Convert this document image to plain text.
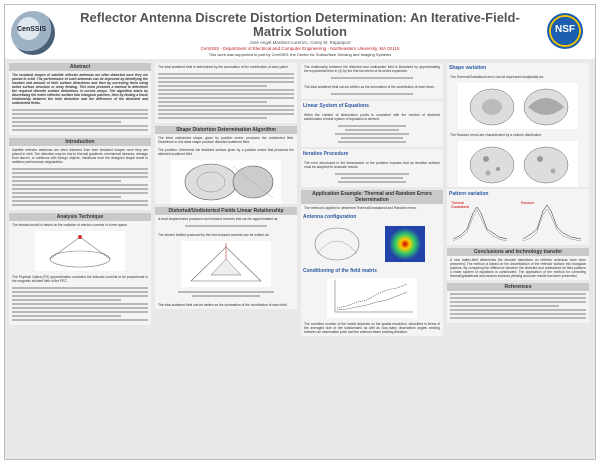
CenSSIS
Reflector Antenna Discrete Distortion Determination: An Iterative-Field-Matrix Solution
José Angel Martinez-Lorenzo, Carey M. Rappaport
CenSSIS - Department of Electrical and Computer Engineering - Northeastern University, MA 02115
This work was supported in part by CenSSIS, the Center for Subsurface Sensing and Imaging Systems
NSF
Abstract
The localized shapes of satellite reflector antennas are often distorted once they are placed in orbit. The performance of such antennas can be improved by identifying the location and amount of their surface distortions and then by correcting them using active surface structure or array feeding. This work presents a method to determine the required discrete surface distortions in curved arrays. The algorithm starts by discretizing the entire reflector surface into triangular patches, then by finding a linear relationship between the total distortion and the difference of the distorted and undistorted fields.
Introduction
Satellite reflector antennas are often distorted from their idealized shapes once they are placed in orbit. The distortion may be due to thermal gradients, mechanical stresses, damage from launch, or collisions with foreign objects. Variations from the designed shape result in radiation performance degradation.
Analysis Technique
The forward model is based on the radiation of electric currents in a free space.
The Physical Optics (PO) approximation considers the induced currents to be proportional to the magnetic incident field in the PEC.
The total scattered field is determined by the summation of the contribution of each patch.
Shape Distortion Determination Algorithm
The ideal undistorted shape, given by position vector, produces the undistorted field. Distortions to this ideal shape produce distorted scattered field.
The problem: Determine the distorted surface given by a position vector that produces the distorted scattered field.
Distorted/Undistorted Fields Linear Relationship
A local displacement produces new induced currents that can be approximated as:
The electric farfield produced by the new induced currents can be written as:
The total scattered field can be written as the summation of the contribution of each field:
The relationship between the distorted and undistorted field is linearized by approximating the exponential term in (4) by the first two terms of its series expansion.
The total scattered field can be written as the summation of the contribution of each facet:
Linear System of Equations
When the number of observation points is consistent with the number of distorted subdomains a linear system of equations is derived:
Iterative Procedure
The error introduced in the linearization of the problem imposes that an iterative scheme must be adopted for accurate results.
Application Example: Thermal and Random Errors Determination
The method is applied to determine Thermal/Gradational and Random errors.
Antenna configuration
Conditioning of the field matrix
The condition number of the matrix depends on the spatial resolution, described in terms of the averaged size of the subdomains as well as how-many observation angles existing between an observation point and the antenna beam pointing direction.
Shape variation
The Thermal/Gradational error can be expressed analytically as:
The Random errors are characterized by a uniform distribution:
Pattern variation
Thermal Gradational
Random
Conclusions and technology transfer
A new matrix-field determines the discrete distortions on reflector antennas have been presented. The method is based on the discretization of the reflector surface into triangular patches. By computing the difference between the distorted and undistorted far field patterns a linear system of equations is constructed. The application of the method for correcting thermal/gradational and random surfaces yielding accurate results has been presented.
References
